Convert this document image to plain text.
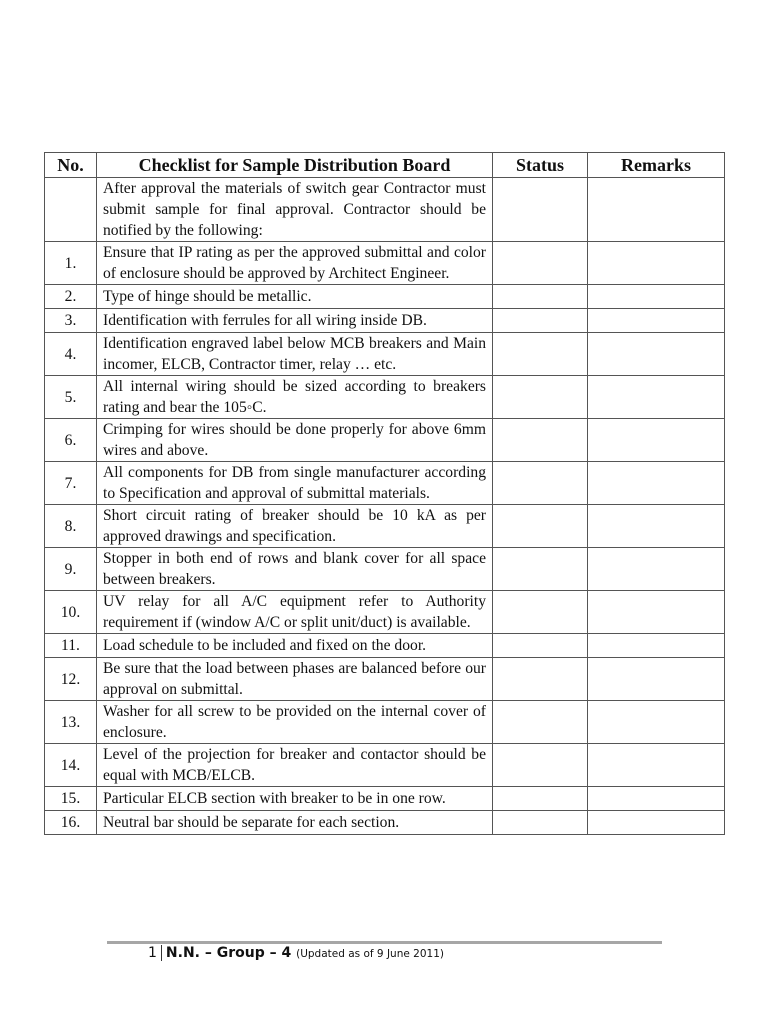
No.	Checklist for Sample Distribution Board	Status	Remarks
	After approval the materials of switch gear Contractor must submit sample for final approval. Contractor should be notified by the following:		
1.	Ensure that IP rating as per the approved submittal and color of enclosure should be approved by Architect Engineer.		
2.	Type of hinge should be metallic.		
3.	Identification with ferrules for all wiring inside DB.		
4.	Identification engraved label below MCB breakers and Main incomer, ELCB, Contractor timer, relay … etc.		
5.	All internal wiring should be sized according to breakers rating and bear the 105◦C.		
6.	Crimping for wires should be done properly for above 6mm wires and above.		
7.	All components for DB from single manufacturer according to Specification and approval of submittal materials.		
8.	Short circuit rating of breaker should be 10 kA as per approved drawings and specification.		
9.	Stopper in both end of rows and blank cover for all space between breakers.		
10.	UV relay for all A/C equipment refer to Authority requirement if (window A/C or split unit/duct) is available.		
11.	Load schedule to be included and fixed on the door.		
12.	Be sure that the load between phases are balanced before our approval on submittal.		
13.	Washer for all screw to be provided on the internal cover of enclosure.		
14.	Level of the projection for breaker and contactor should be equal with MCB/ELCB.		
15.	Particular ELCB section with breaker to be in one row.		
16.	Neutral bar should be separate for each section.		
1 N.N. – Group – 4 (Updated as of 9 June 2011)
